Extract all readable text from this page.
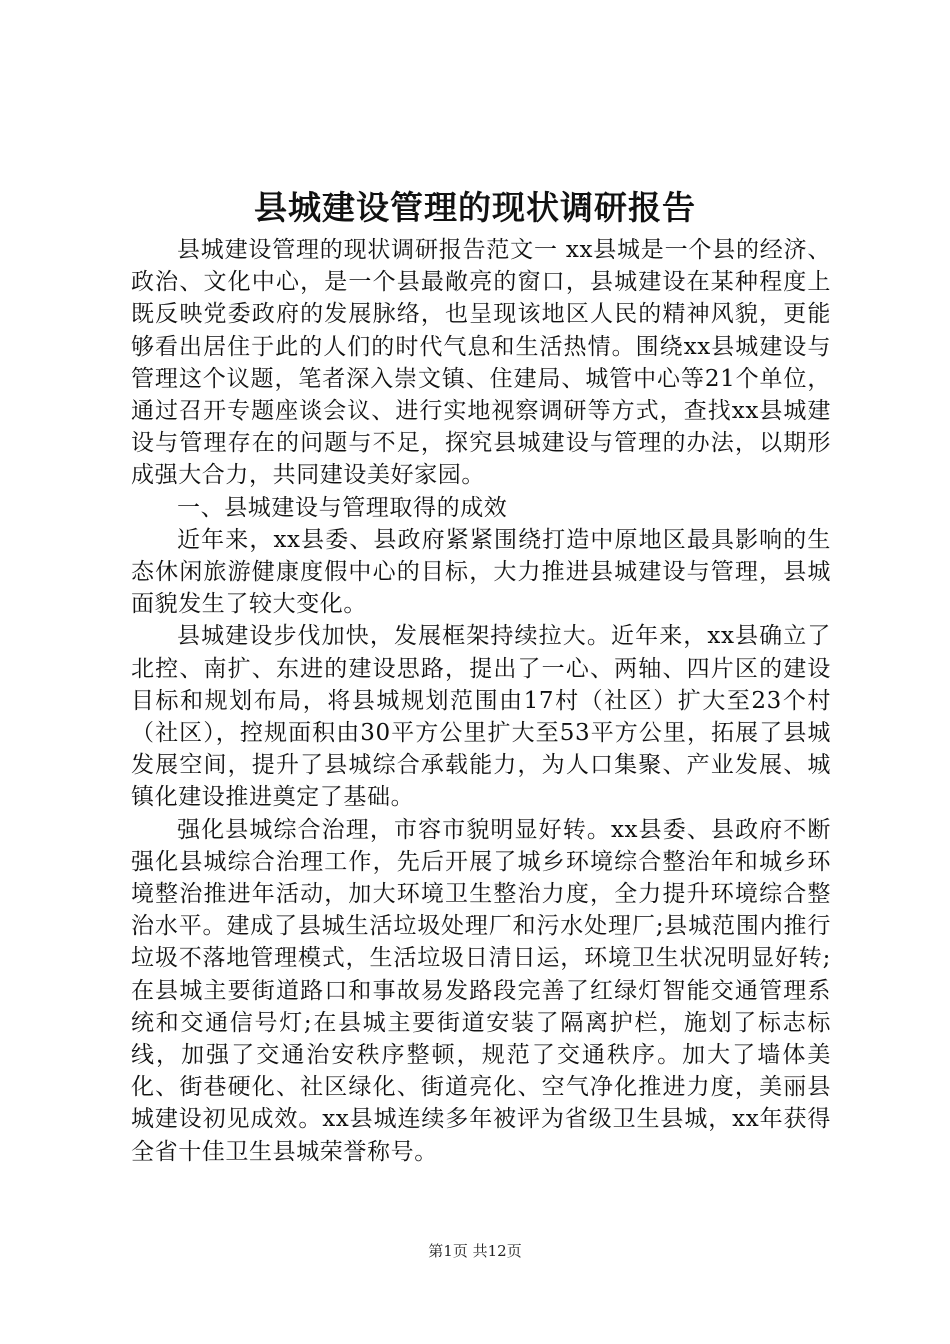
县城建设管理的现状调研报告

县城建设管理的现状调研报告范文一 xx县城是一个县的经济、政治、文化中心，是一个县最敞亮的窗口，县城建设在某种程度上既反映党委政府的发展脉络，也呈现该地区人民的精神风貌，更能够看出居住于此的人们的时代气息和生活热情。围绕xx县城建设与管理这个议题，笔者深入崇文镇、住建局、城管中心等21个单位，通过召开专题座谈会议、进行实地视察调研等方式，查找xx县城建设与管理存在的问题与不足，探究县城建设与管理的办法，以期形成强大合力，共同建设美好家园。

一、县城建设与管理取得的成效

近年来，xx县委、县政府紧紧围绕打造中原地区最具影响的生态休闲旅游健康度假中心的目标，大力推进县城建设与管理，县城面貌发生了较大变化。

县城建设步伐加快，发展框架持续拉大。近年来，xx县确立了北控、南扩、东进的建设思路，提出了一心、两轴、四片区的建设目标和规划布局，将县城规划范围由17村（社区）扩大至23个村（社区），控规面积由30平方公里扩大至53平方公里，拓展了县城发展空间，提升了县城综合承载能力，为人口集聚、产业发展、城镇化建设推进奠定了基础。

强化县城综合治理，市容市貌明显好转。xx县委、县政府不断强化县城综合治理工作，先后开展了城乡环境综合整治年和城乡环境整治推进年活动，加大环境卫生整治力度，全力提升环境综合整治水平。建成了县城生活垃圾处理厂和污水处理厂;县城范围内推行垃圾不落地管理模式，生活垃圾日清日运，环境卫生状况明显好转;在县城主要街道路口和事故易发路段完善了红绿灯智能交通管理系统和交通信号灯;在县城主要街道安装了隔离护栏，施划了标志标线，加强了交通治安秩序整顿，规范了交通秩序。加大了墙体美化、街巷硬化、社区绿化、街道亮化、空气净化推进力度，美丽县城建设初见成效。xx县城连续多年被评为省级卫生县城，xx年获得全省十佳卫生县城荣誉称号。

第1页 共12页
